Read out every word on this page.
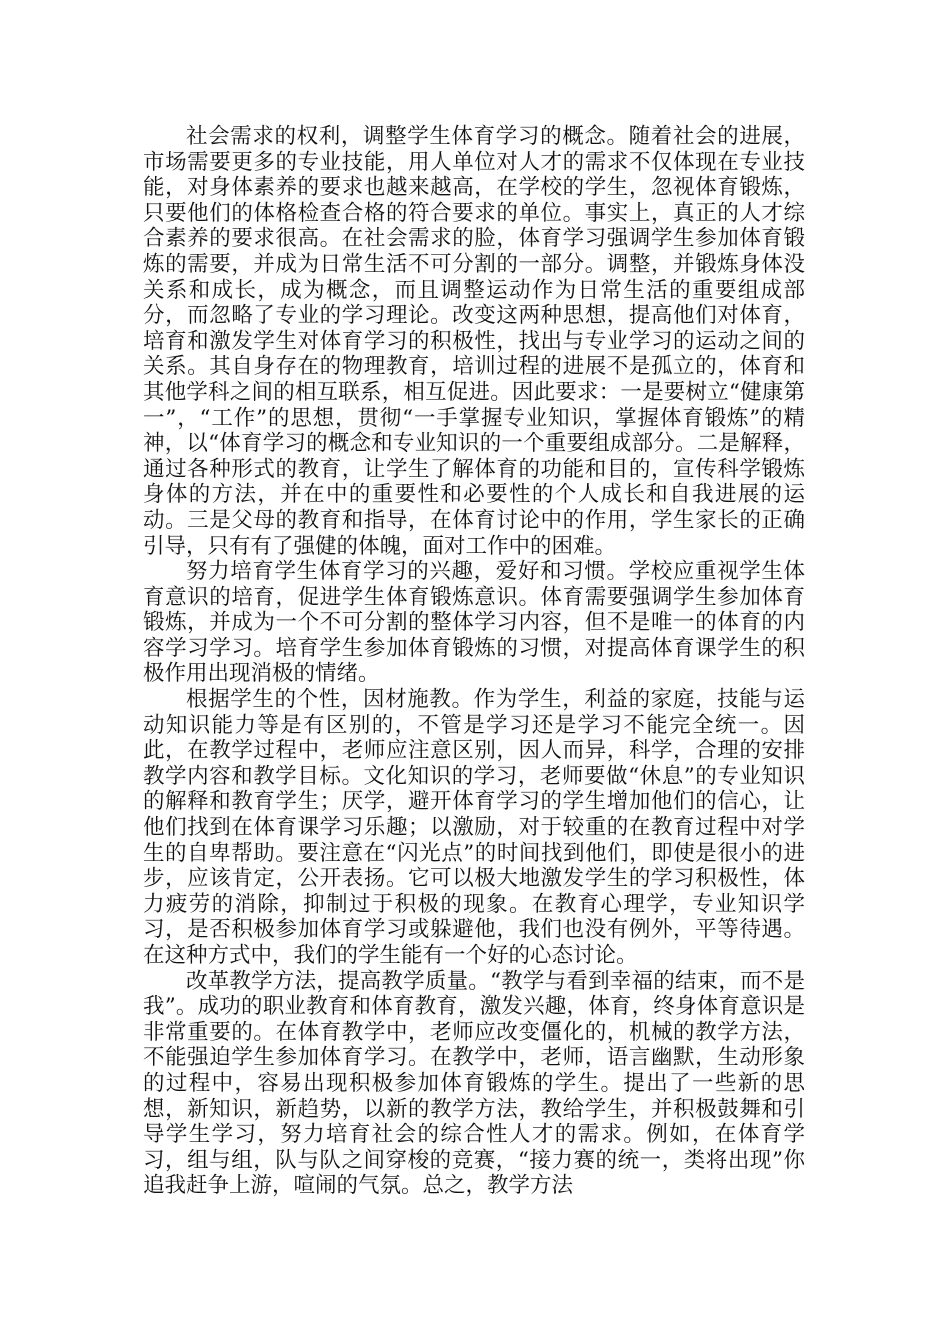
社会需求的权利，调整学生体育学习的概念。随着社会的进展，市场需要更多的专业技能，用人单位对人才的需求不仅体现在专业技能，对身体素养的要求也越来越高，在学校的学生，忽视体育锻炼，只要他们的体格检查合格的符合要求的单位。事实上，真正的人才综合素养的要求很高。在社会需求的脸，体育学习强调学生参加体育锻炼的需要，并成为日常生活不可分割的一部分。调整，并锻炼身体没关系和成长，成为概念，而且调整运动作为日常生活的重要组成部分，而忽略了专业的学习理论。改变这两种思想，提高他们对体育，培育和激发学生对体育学习的积极性，找出与专业学习的运动之间的关系。其自身存在的物理教育，培训过程的进展不是孤立的，体育和其他学科之间的相互联系，相互促进。因此要求：一是要树立“健康第一”，“工作”的思想，贯彻“一手掌握专业知识，掌握体育锻炼”的精神，以“体育学习的概念和专业知识的一个重要组成部分。二是解释，通过各种形式的教育，让学生了解体育的功能和目的，宣传科学锻炼身体的方法，并在中的重要性和必要性的个人成长和自我进展的运动。三是父母的教育和指导，在体育讨论中的作用，学生家长的正确引导，只有有了强健的体魄，面对工作中的困难。

努力培育学生体育学习的兴趣，爱好和习惯。学校应重视学生体育意识的培育，促进学生体育锻炼意识。体育需要强调学生参加体育锻炼，并成为一个不可分割的整体学习内容，但不是唯一的体育的内容学习学习。培育学生参加体育锻炼的习惯，对提高体育课学生的积极作用出现消极的情绪。

根据学生的个性，因材施教。作为学生，利益的家庭，技能与运动知识能力等是有区别的，不管是学习还是学习不能完全统一。因此，在教学过程中，老师应注意区别，因人而异，科学，合理的安排教学内容和教学目标。文化知识的学习，老师要做“休息”的专业知识的解释和教育学生；厌学，避开体育学习的学生增加他们的信心，让他们找到在体育课学习乐趣；以激励，对于较重的在教育过程中对学生的自卑帮助。要注意在“闪光点”的时间找到他们，即使是很小的进步，应该肯定，公开表扬。它可以极大地激发学生的学习积极性，体力疲劳的消除，抑制过于积极的现象。在教育心理学，专业知识学习，是否积极参加体育学习或躲避他，我们也没有例外，平等待遇。在这种方式中，我们的学生能有一个好的心态讨论。

改革教学方法，提高教学质量。“教学与看到幸福的结束，而不是我”。成功的职业教育和体育教育，激发兴趣，体育，终身体育意识是非常重要的。在体育教学中，老师应改变僵化的，机械的教学方法，不能强迫学生参加体育学习。在教学中，老师，语言幽默，生动形象的过程中，容易出现积极参加体育锻炼的学生。提出了一些新的思想，新知识，新趋势，以新的教学方法，教给学生，并积极鼓舞和引导学生学习，努力培育社会的综合性人才的需求。例如，在体育学习，组与组，队与队之间穿梭的竞赛，“接力赛的统一，类将出现”你追我赶争上游，喧闹的气氛。总之，教学方法
